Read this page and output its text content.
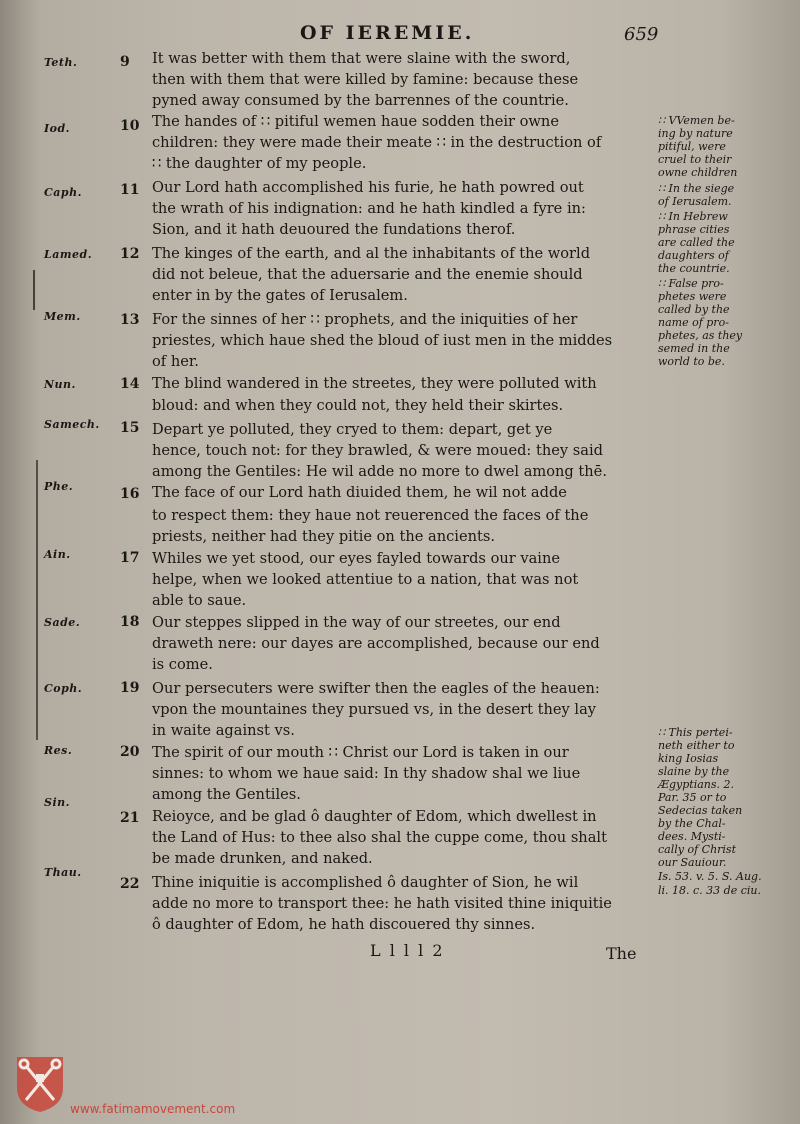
OF IEREMIE.	659
Teth.
Iod.
Caph.
Lamed.
Mem.
Nun.
Samech.
Phe.
Ain.
Sade.
Coph.
Res.
Sin.
Thau.
9
10
11
12
13
14
15
16
17
18
19
20
21
22
It was better with them that were slaine with the sword,
then with them that were killed by famine: because these
pyned away consumed by the barrennes of the countrie.
The handes of ∷ pitiful wemen haue sodden their owne
children: they were made their meate ∷ in the destruction of
∷ the daughter of my people.
Our Lord hath accomplished his furie, he hath powred out
the wrath of his indignation: and he hath kindled a fyre in:
Sion, and it hath deuoured the fundations therof.
The kinges of the earth, and al the inhabitants of the world
did not beleue, that the aduersarie and the enemie should
enter in by the gates of Ierusalem.
For the sinnes of her ∷ prophets, and the iniquities of her
priestes, which haue shed the bloud of iust men in the middes
of her.
The blind wandered in the streetes, they were polluted with
bloud: and when they could not, they held their skirtes.
Depart ye polluted, they cryed to them: depart, get ye
hence, touch not: for they brawled, & were moued: they said
among the Gentiles: He wil adde no more to dwel among thē.
The face of our Lord hath diuided them, he wil not adde
to respect them: they haue not reuerenced the faces of the
priests, neither had they pitie on the ancients.
Whiles we yet stood, our eyes fayled towards our vaine
helpe, when we looked attentiue to a nation, that was not
able to saue.
Our steppes slipped in the way of our streetes, our end
draweth nere: our dayes are accomplished, because our end
is come.
Our persecuters were swifter then the eagles of the heauen:
vpon the mountaines they pursued vs, in the desert they lay
in waite against vs.
The spirit of our mouth ∷ Christ our Lord is taken in our
sinnes: to whom we haue said: In thy shadow shal we liue
among the Gentiles.
Reioyce, and be glad ô daughter of Edom, which dwellest in
the Land of Hus: to thee also shal the cuppe come, thou shalt
be made drunken, and naked.
Thine iniquitie is accomplished ô daughter of Sion, he wil
adde no more to transport thee: he hath visited thine iniquitie
ô daughter of Edom, he hath discouered thy sinnes.
∷ VVemen be-
ing by nature
pitiful, were
cruel to their
owne children
∷ In the siege
of Ierusalem.
∷ In Hebrew
phrase cities
are called the
daughters of
the countrie.
∷ False pro-
phetes were
called by the
name of pro-
phetes, as they
semed in the
world to be.
∷ This pertei-
neth either to
king Iosias
slaine by the
Ægyptians. 2.
Par. 35 or to
Sedecias taken
by the Chal-
dees. Mysti-
cally of Christ
our Sauiour.
Is. 53. v. 5. S. Aug.
li. 18. c. 33 de ciu.
L l l l 2	The
www.fatimamovement.com
